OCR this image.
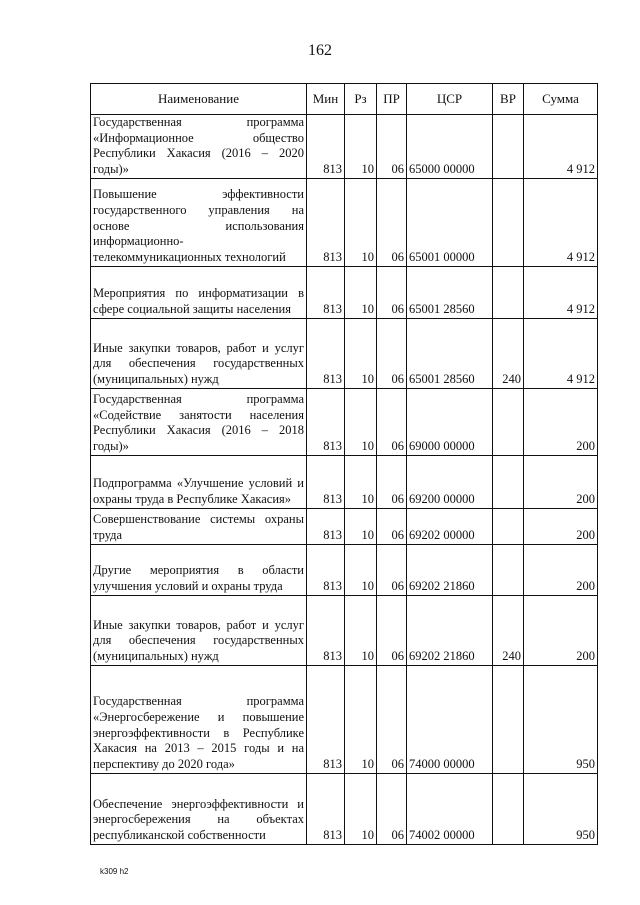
162
Наименование	Мин	Рз	ПР	ЦСР	ВР	Сумма
Государственная программа «Информационное общество Республики Хакасия (2016 – 2020 годы)»	813	10	06	65000 00000		4 912
Повышение эффективности государственного управления на основе использования информационно-телекоммуникационных технологий	813	10	06	65001 00000		4 912
Мероприятия по информатизации в сфере социальной защиты населения	813	10	06	65001 28560		4 912
Иные закупки товаров, работ и услуг для обеспечения государственных (муниципальных) нужд	813	10	06	65001 28560	240	4 912
Государственная программа «Содействие занятости населения Республики Хакасия (2016 – 2018 годы)»	813	10	06	69000 00000		200
Подпрограмма «Улучшение условий и охраны труда в Республике Хакасия»	813	10	06	69200 00000		200
Совершенствование системы охраны труда	813	10	06	69202 00000		200
Другие мероприятия в области улучшения условий и охраны труда	813	10	06	69202 21860		200
Иные закупки товаров, работ и услуг для обеспечения государственных (муниципальных) нужд	813	10	06	69202 21860	240	200
Государственная программа «Энергосбережение и повышение энергоэффективности в Республике Хакасия на 2013 – 2015 годы и на перспективу до 2020 года»	813	10	06	74000 00000		950
Обеспечение энергоэффективности и энергосбережения на объектах республиканской собственности	813	10	06	74002 00000		950
k309 h2
